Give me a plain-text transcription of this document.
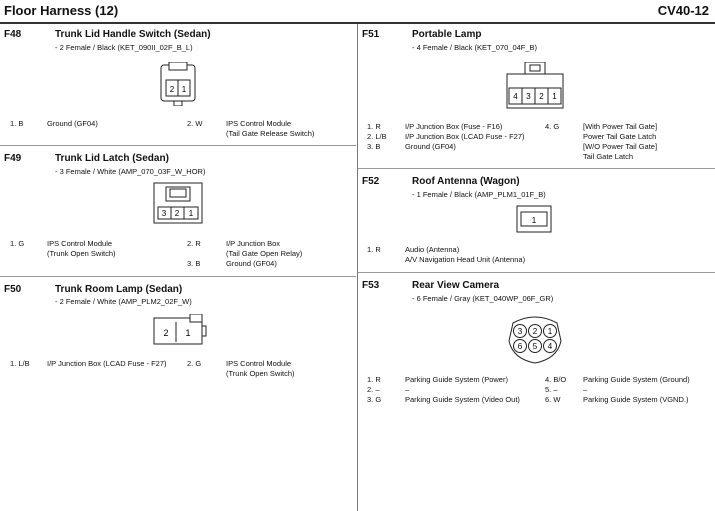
Floor Harness (12)	CV40-12
F48	Trunk Lid Handle Switch (Sedan)
- 2 Female / Black (KET_090II_02F_B_L)
2 1
1. B	Ground (GF04)	2. W	IPS Control Module
(Tail Gate Release Switch)
F49	Trunk Lid Latch (Sedan)
- 3 Female / White (AMP_070_03F_W_HOR)
3 2 1
1. G	IPS Control Module
(Trunk Open Switch)
2. R	I/P Junction Box
(Tail Gate Open Relay)
3. B	Ground (GF04)
F50	Trunk Room Lamp (Sedan)
- 2 Female / White (AMP_PLM2_02F_W)
2 1
1. L/B I/P Junction Box (LCAD Fuse - F27)	2. G	IPS Control Module
(Trunk Open Switch)
F51	Portable Lamp
- 4 Female / Black (KET_070_04F_B)
4 3 2 1
1. R	I/P Junction Box (Fuse - F16)
2. L/B I/P Junction Box (LCAD Fuse - F27)
3. B	Ground (GF04)
4. G	[With Power Tail Gate]
Power Tail Gate Latch
[W/O Power Tail Gate]
Tail Gate Latch
F52	Roof Antenna (Wagon)
- 1 Female / Black (AMP_PLM1_01F_B)
1
1. R	Audio (Antenna)
A/V Navigation Head Unit (Antenna)
F53	Rear View Camera
- 6 Female / Gray (KET_040WP_06F_GR)
3 2 1
6 5 4
1. R	Parking Guide System (Power)
2. –	–
3. G	Parking Guide System (Video Out)
4. B/O Parking Guide System (Ground)
5. –	–
6. W	Parking Guide System (VGND.)
